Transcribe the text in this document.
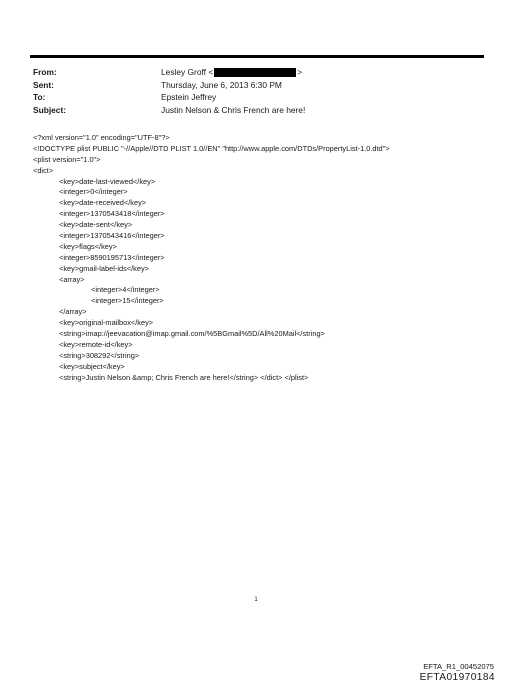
From:	Lesley Groff <	>
Sent:	Thursday, June 6, 2013 6:30 PM
To:	Epstein Jeffrey
Subject:	Justin Nelson & Chris French are here!
<?xml version="1.0" encoding="UTF-8"?>
<!DOCTYPE plist PUBLIC "-//Apple//DTD PLIST 1.0//EN" "http://www.apple.com/DTDs/PropertyList-1.0.dtd">
<plist version="1.0">
<dict>
<key>date-last-viewed</key>
<integer>0</integer>
<key>date-received</key>
<integer>1370543418</integer>
<key>date-sent</key>
<integer>1370543416</integer>
<key>flags</key>
<integer>8590195713</integer>
<key>gmail-label-ids</key>
<array>
<integer>4</integer>
<integer>15</integer>
</array>
<key>original-mailbox</key>
<string>imap://jeevacation@imap.gmail.com/%5BGmail%5D/All%20Mail</string>
<key>remote-id</key>
<string>308292</string>
<key>subject</key>
<string>Justin Nelson &amp; Chris French are here!</string> </dict> </plist>
1
EFTA_R1_00452075
EFTA01970184
